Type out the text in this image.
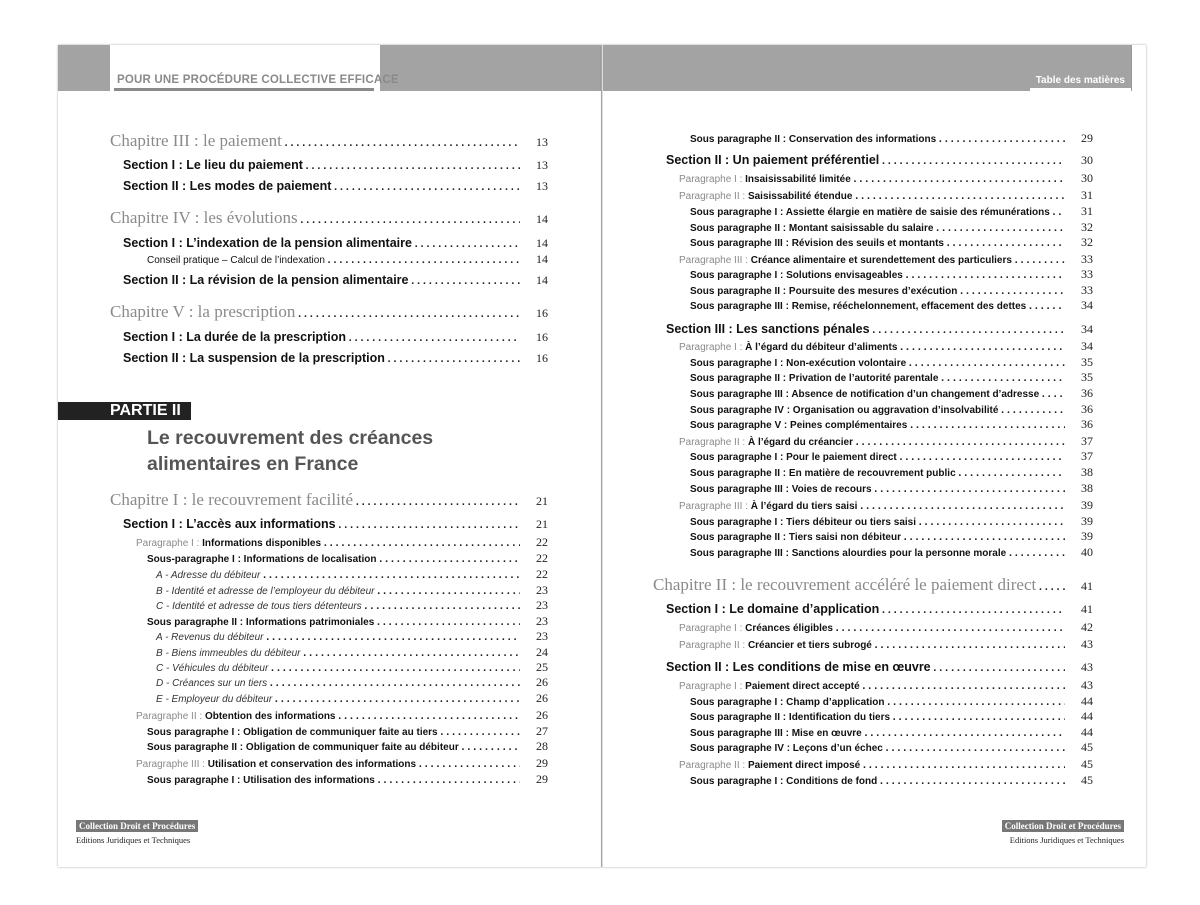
POUR UNE PROCÉDURE COLLECTIVE EFFICACE
Chapitre III : le paiement . . .	13
Section I : Le lieu du paiement . . .	13
Section II : Les modes de paiement . . .	13
Chapitre IV : les évolutions . . .	14
Section I : L’indexation de la pension alimentaire . . .	14
Conseil pratique – Calcul de l’indexation . . .	14
Section II : La révision de la pension alimentaire . . .	14
Chapitre V : la prescription . . .	16
Section I : La durée de la prescription . . .	16
Section II : La suspension de la prescription . . .	16
Chapitre I : le recouvrement facilité . . .	21
Section I : L’accès aux informations . . .	21
Paragraphe I : Informations disponibles . . .	22
Sous-paragraphe I : Informations de localisation . . .	22
A - Adresse du débiteur . . .	22
B - Identité et adresse de l’employeur du débiteur . . .	23
C - Identité et adresse de tous tiers détenteurs . . .	23
Sous paragraphe II : Informations patrimoniales . . .	23
A - Revenus du débiteur . . .	23
B - Biens immeubles du débiteur . . .	24
C - Véhicules du débiteur . . .	25
D - Créances sur un tiers . . .	26
E - Employeur du débiteur . . .	26
Paragraphe II : Obtention des informations . . .	26
Sous paragraphe I : Obligation de communiquer faite au tiers . . .	27
Sous paragraphe II : Obligation de communiquer faite au débiteur . . .	28
Paragraphe III : Utilisation et conservation des informations . . .	29
Sous paragraphe I : Utilisation des informations . . .	29
PARTIE II
Le recouvrement des créances
alimentaires en France
Collection Droit et Procédures
Editions Juridiques et Techniques
Table des matières
Sous paragraphe II : Conservation des informations . . .	29
Section II : Un paiement préférentiel . . .	30
Paragraphe I : Insaisissabilité limitée . . .	30
Paragraphe II : Saisissabilité étendue . . .	31
Sous paragraphe I : Assiette élargie en matière de saisie des rémunérations . . .	31
Sous paragraphe II : Montant saisissable du salaire . . .	32
Sous paragraphe III : Révision des seuils et montants . . .	32
Paragraphe III : Créance alimentaire et surendettement des particuliers . . .	33
Sous paragraphe I : Solutions envisageables . . .	33
Sous paragraphe II : Poursuite des mesures d’exécution . . .	33
Sous paragraphe III : Remise, rééchelonnement, effacement des dettes . . .	34
Section III : Les sanctions pénales . . .	34
Paragraphe I : À l’égard du débiteur d’aliments . . .	34
Sous paragraphe I : Non-exécution volontaire . . .	35
Sous paragraphe II : Privation de l’autorité parentale . . .	35
Sous paragraphe III : Absence de notification d’un changement d’adresse . . .	36
Sous paragraphe IV : Organisation ou aggravation d’insolvabilité . . .	36
Sous paragraphe V : Peines complémentaires . . .	36
Paragraphe II : À l’égard du créancier . . .	37
Sous paragraphe I : Pour le paiement direct . . .	37
Sous paragraphe II : En matière de recouvrement public . . .	38
Sous paragraphe III : Voies de recours . . .	38
Paragraphe III : À l’égard du tiers saisi . . .	39
Sous paragraphe I : Tiers débiteur ou tiers saisi . . .	39
Sous paragraphe II : Tiers saisi non débiteur . . .	39
Sous paragraphe III : Sanctions alourdies pour la personne morale . . .	40
Chapitre II : le recouvrement accéléré le paiement direct . . .	41
Section I : Le domaine d’application . . .	41
Paragraphe I : Créances éligibles . . .	42
Paragraphe II : Créancier et tiers subrogé . . .	43
Section II : Les conditions de mise en œuvre . . .	43
Paragraphe I : Paiement direct accepté . . .	43
Sous paragraphe I : Champ d’application . . .	44
Sous paragraphe II : Identification du tiers . . .	44
Sous paragraphe III : Mise en œuvre . . .	44
Sous paragraphe IV : Leçons d’un échec . . .	45
Paragraphe II : Paiement direct imposé . . .	45
Sous paragraphe I : Conditions de fond . . .	45
Collection Droit et Procédures
Editions Juridiques et Techniques
